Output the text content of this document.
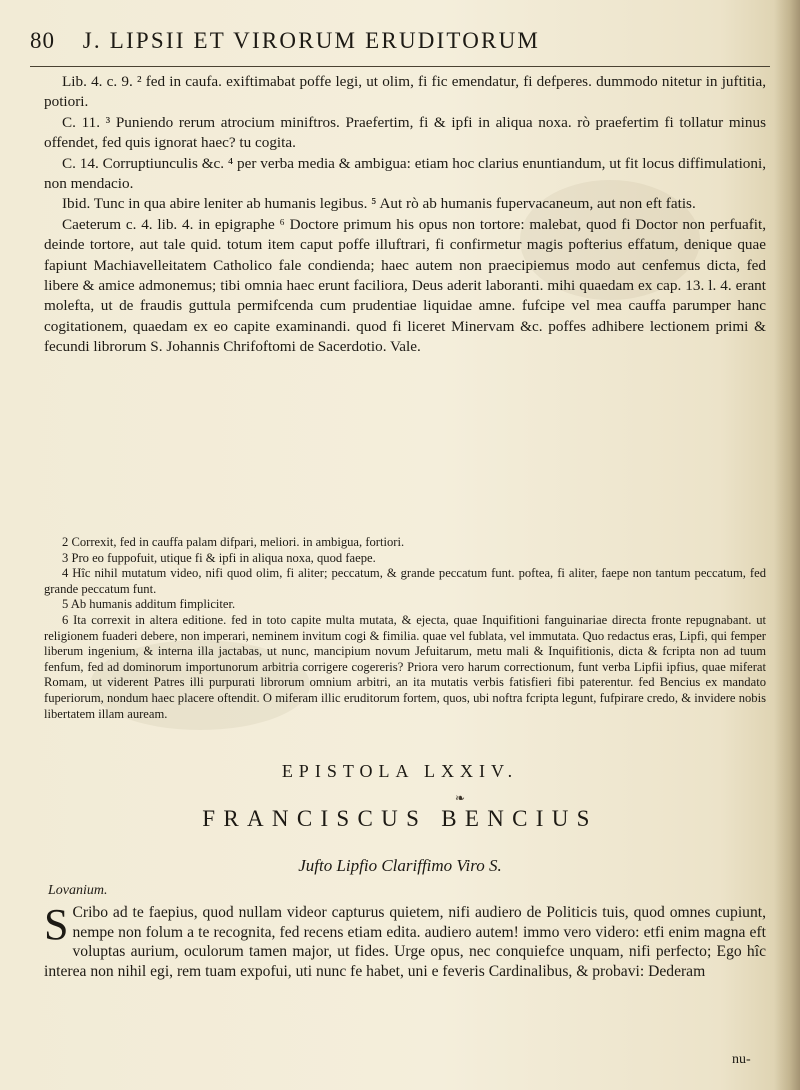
80 J. LIPSII ET VIRORUM ERUDITORUM

Lib. 4. c. 9. ² fed in caufa. exiftimabat poffe legi, ut olim, fi fic emendatur, fi defperes. dummodo nitetur in juftitia, potiori.

C. 11. ³ Puniendo rerum atrocium miniftros. Praefertim, fi & ipfi in aliqua noxa. rò praefertim fi tollatur minus offendet, fed quis ignorat haec? tu cogita.

C. 14. Corruptiunculis &c. ⁴ per verba media & ambigua: etiam hoc clarius enuntiandum, ut fit locus diffimulationi, non mendacio.

Ibid. Tunc in qua abire leniter ab humanis legibus. ⁵ Aut rò ab humanis fupervacaneum, aut non eft fatis.

Caeterum c. 4. lib. 4. in epigraphe ⁶ Doctore primum his opus non tortore: malebat, quod fi Doctor non perfuafit, deinde tortore, aut tale quid. totum item caput poffe illuftrari, fi confirmetur magis pofterius effatum, denique quae fapiunt Machiavelleitatem Catholico fale condienda; haec autem non praecipiemus modo aut cenfemus dicta, fed libere & amice admonemus; tibi omnia haec erunt faciliora, Deus aderit laboranti. mihi quaedam ex cap. 13. l. 4. erant molefta, ut de fraudis guttula permifcenda cum prudentiae liquidae amne. fufcipe vel mea cauffa parumper hanc cogitationem, quaedam ex eo capite examinandi. quod fi liceret Minervam &c. poffes adhibere lectionem primi & fecundi librorum S. Johannis Chrifoftomi de Sacerdotio. Vale.

2 Correxit, fed in cauffa palam difpari, meliori. in ambigua, fortiori.

3 Pro eo fuppofuit, utique fi & ipfi in aliqua noxa, quod faepe.

4 Hîc nihil mutatum video, nifi quod olim, fi aliter; peccatum, & grande peccatum funt. poftea, fi aliter, faepe non tantum peccatum, fed grande peccatum funt.

5 Ab humanis additum fimpliciter.

6 Ita correxit in altera editione. fed in toto capite multa mutata, & ejecta, quae Inquifitioni fanguinariae directa fronte repugnabant. ut religionem fuaderi debere, non imperari, neminem invitum cogi & fimilia. quae vel fublata, vel immutata. Quo redactus eras, Lipfi, qui femper liberum ingenium, & interna illa jactabas, ut nunc, mancipium novum Jefuitarum, metu mali & Inquifitionis, dicta & fcripta non ad tuum fenfum, fed ad dominorum importunorum arbitria corrigere cogereris? Priora vero harum correctionum, funt verba Lipfii ipfius, quae miferat Romam, ut viderent Patres illi purpurati librorum omnium arbitri, an ita mutatis verbis fatisfieri fibi paterentur. fed Bencius ex mandato fuperiorum, nondum haec placere oftendit. O miferam illic eruditorum fortem, quos, ubi noftra fcripta legunt, fufpirare credo, & invidere nobis libertatem illam auream.

EPISTOLA LXXIV.
❧
FRANCISCUS BENCIUS
Jufto Lipfio Clariffimo Viro S.
Lovanium.
S Cribo ad te faepius, quod nullam videor capturus quietem, nifi audiero de Politicis tuis, quod omnes cupiunt, nempe non folum a te recognita, fed recens etiam edita. audiero autem! immo vero videro: etfi enim magna eft voluptas aurium, oculorum tamen major, ut fides. Urge opus, nec conquiefce unquam, nifi perfecto; Ego hîc interea non nihil egi, rem tuam expofui, uti nunc fe habet, uni e feveris Cardinalibus, & probavi: Dederam
nu-
